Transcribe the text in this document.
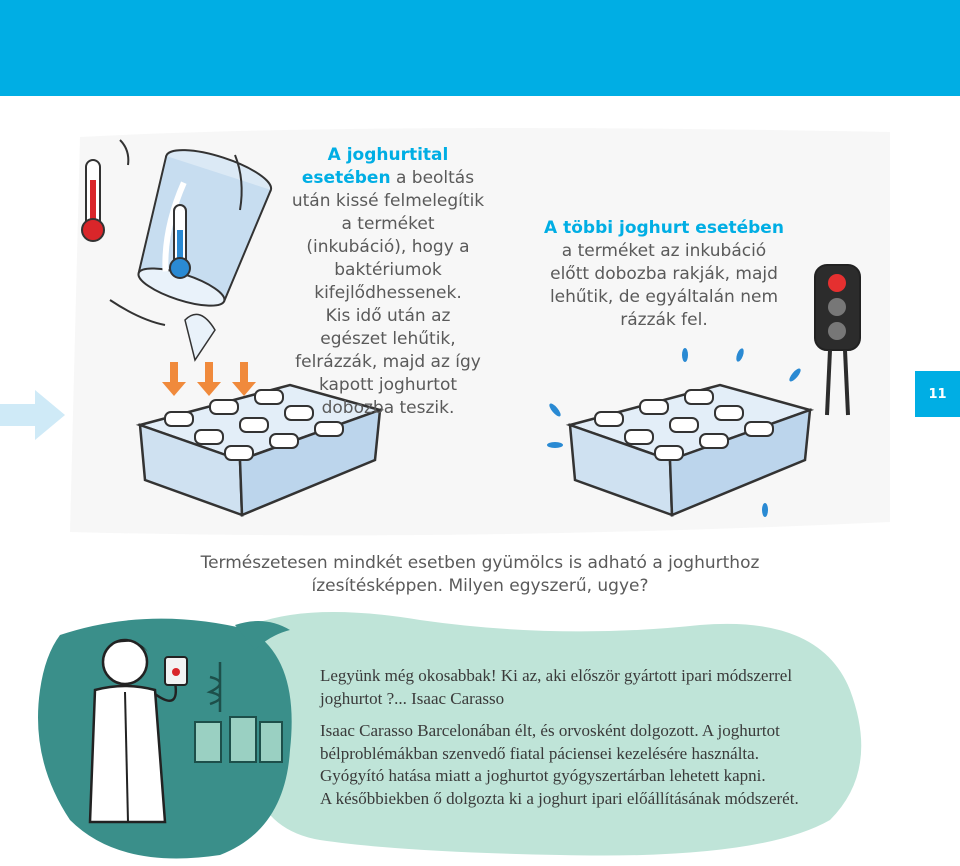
A joghurtital esetében a beoltás után kissé felmelegítik a terméket (inkubáció), hogy a baktériumok kifejlődhessenek.
Kis idő után az egészet lehűtik, felrázzák, majd az így kapott joghurtot dobozba teszik.
A többi joghurt esetében
a terméket az inkubáció előtt dobozba rakják, majd lehűtik, de egyáltalán nem rázzák fel.
11
Természetesen mindkét esetben gyümölcs is adható a joghurthoz
ízesítésképpen. Milyen egyszerű, ugye?

Legyünk még okosabbak! Ki az, aki először gyártott ipari módszerrel
joghurtot ?... Isaac Carasso

Isaac Carasso Barcelonában élt, és orvosként dolgozott. A joghurtot
bélproblémákban szenvedő fiatal páciensei kezelésére használta.
Gyógyító hatása miatt a joghurtot gyógyszertárban lehetett kapni.
A későbbiekben ő dolgozta ki a joghurt ipari előállításának módszerét.
